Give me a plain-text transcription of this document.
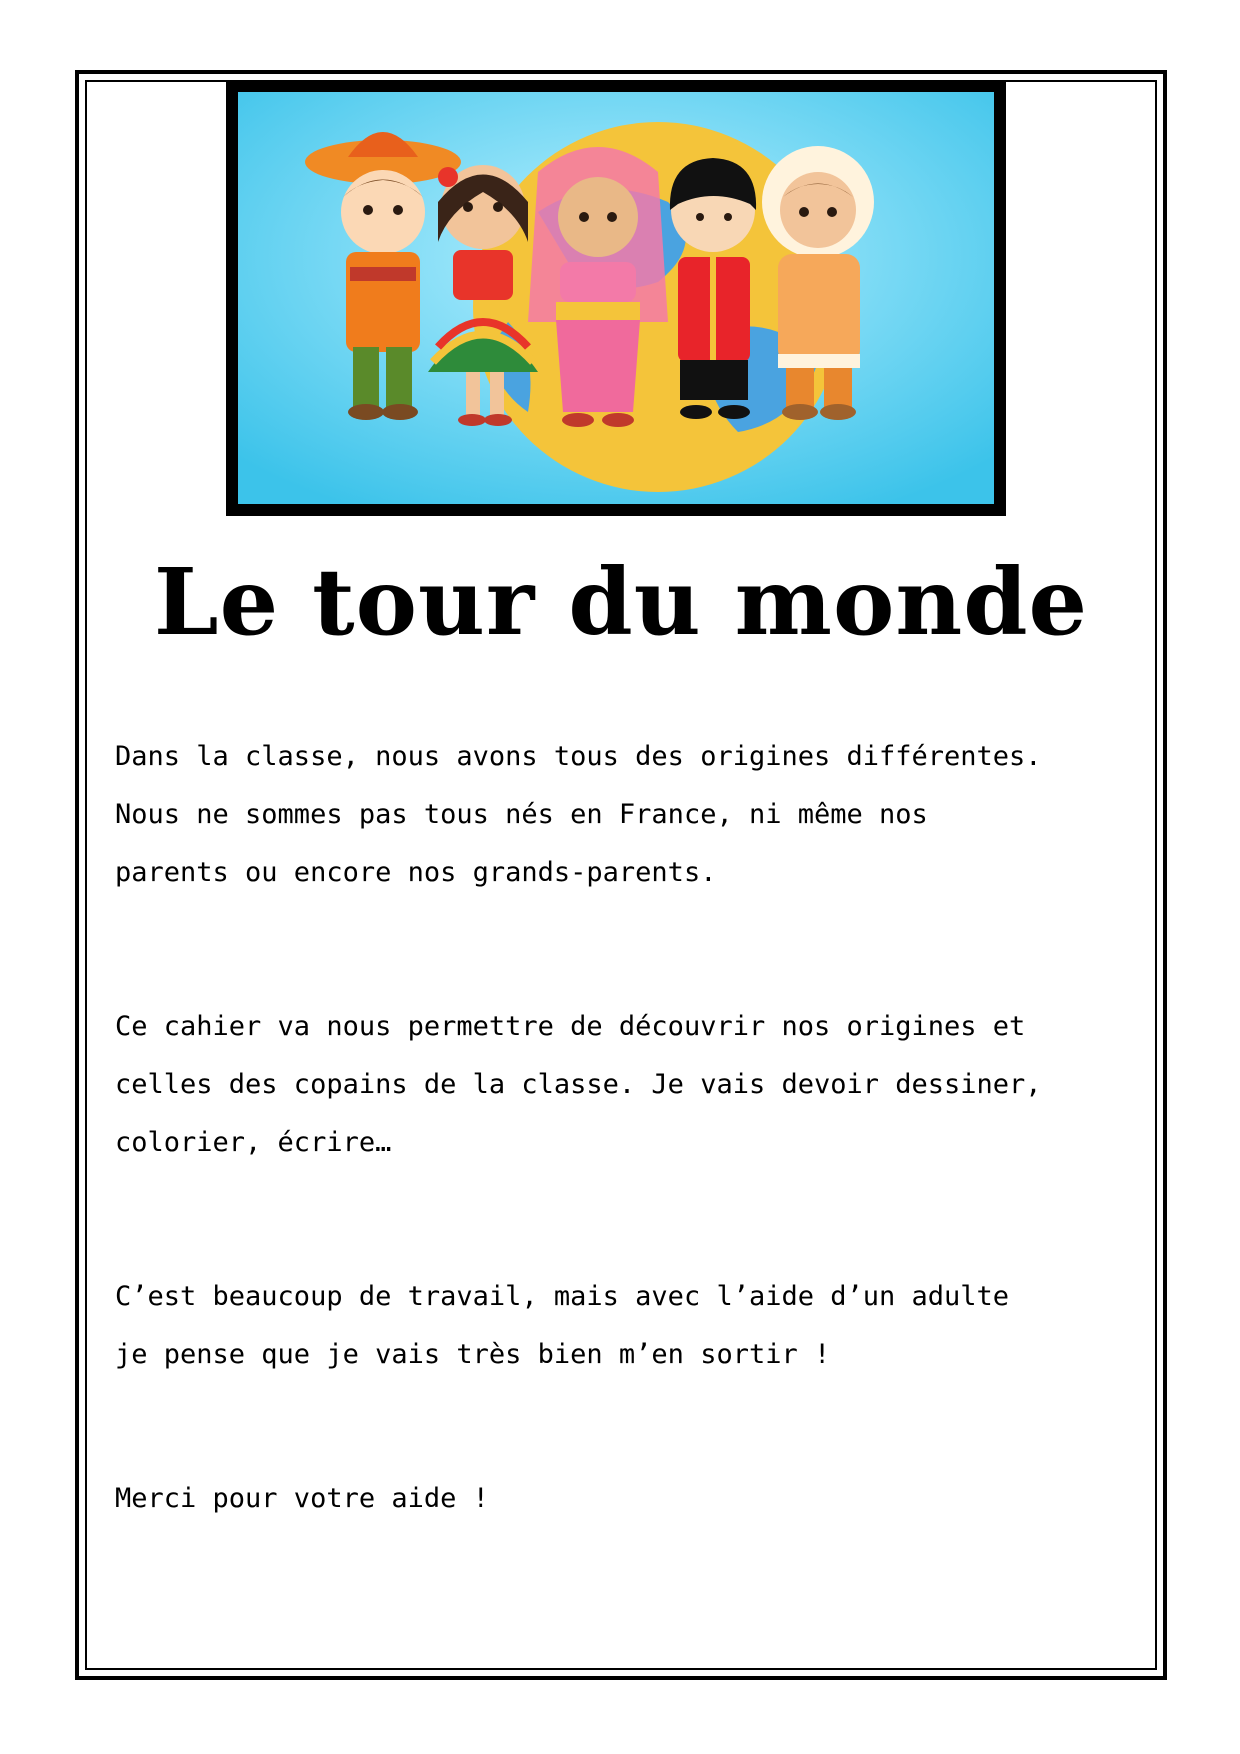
Le tour du monde

Dans la classe, nous avons tous des origines différentes.
Nous ne sommes pas tous nés en France, ni même nos
parents ou encore nos grands-parents.

Ce cahier va nous permettre de découvrir nos origines et
celles des copains de la classe. Je vais devoir dessiner,
colorier, écrire…

C’est beaucoup de travail, mais avec l’aide d’un adulte
je pense que je vais très bien m’en sortir !

Merci pour votre aide !
